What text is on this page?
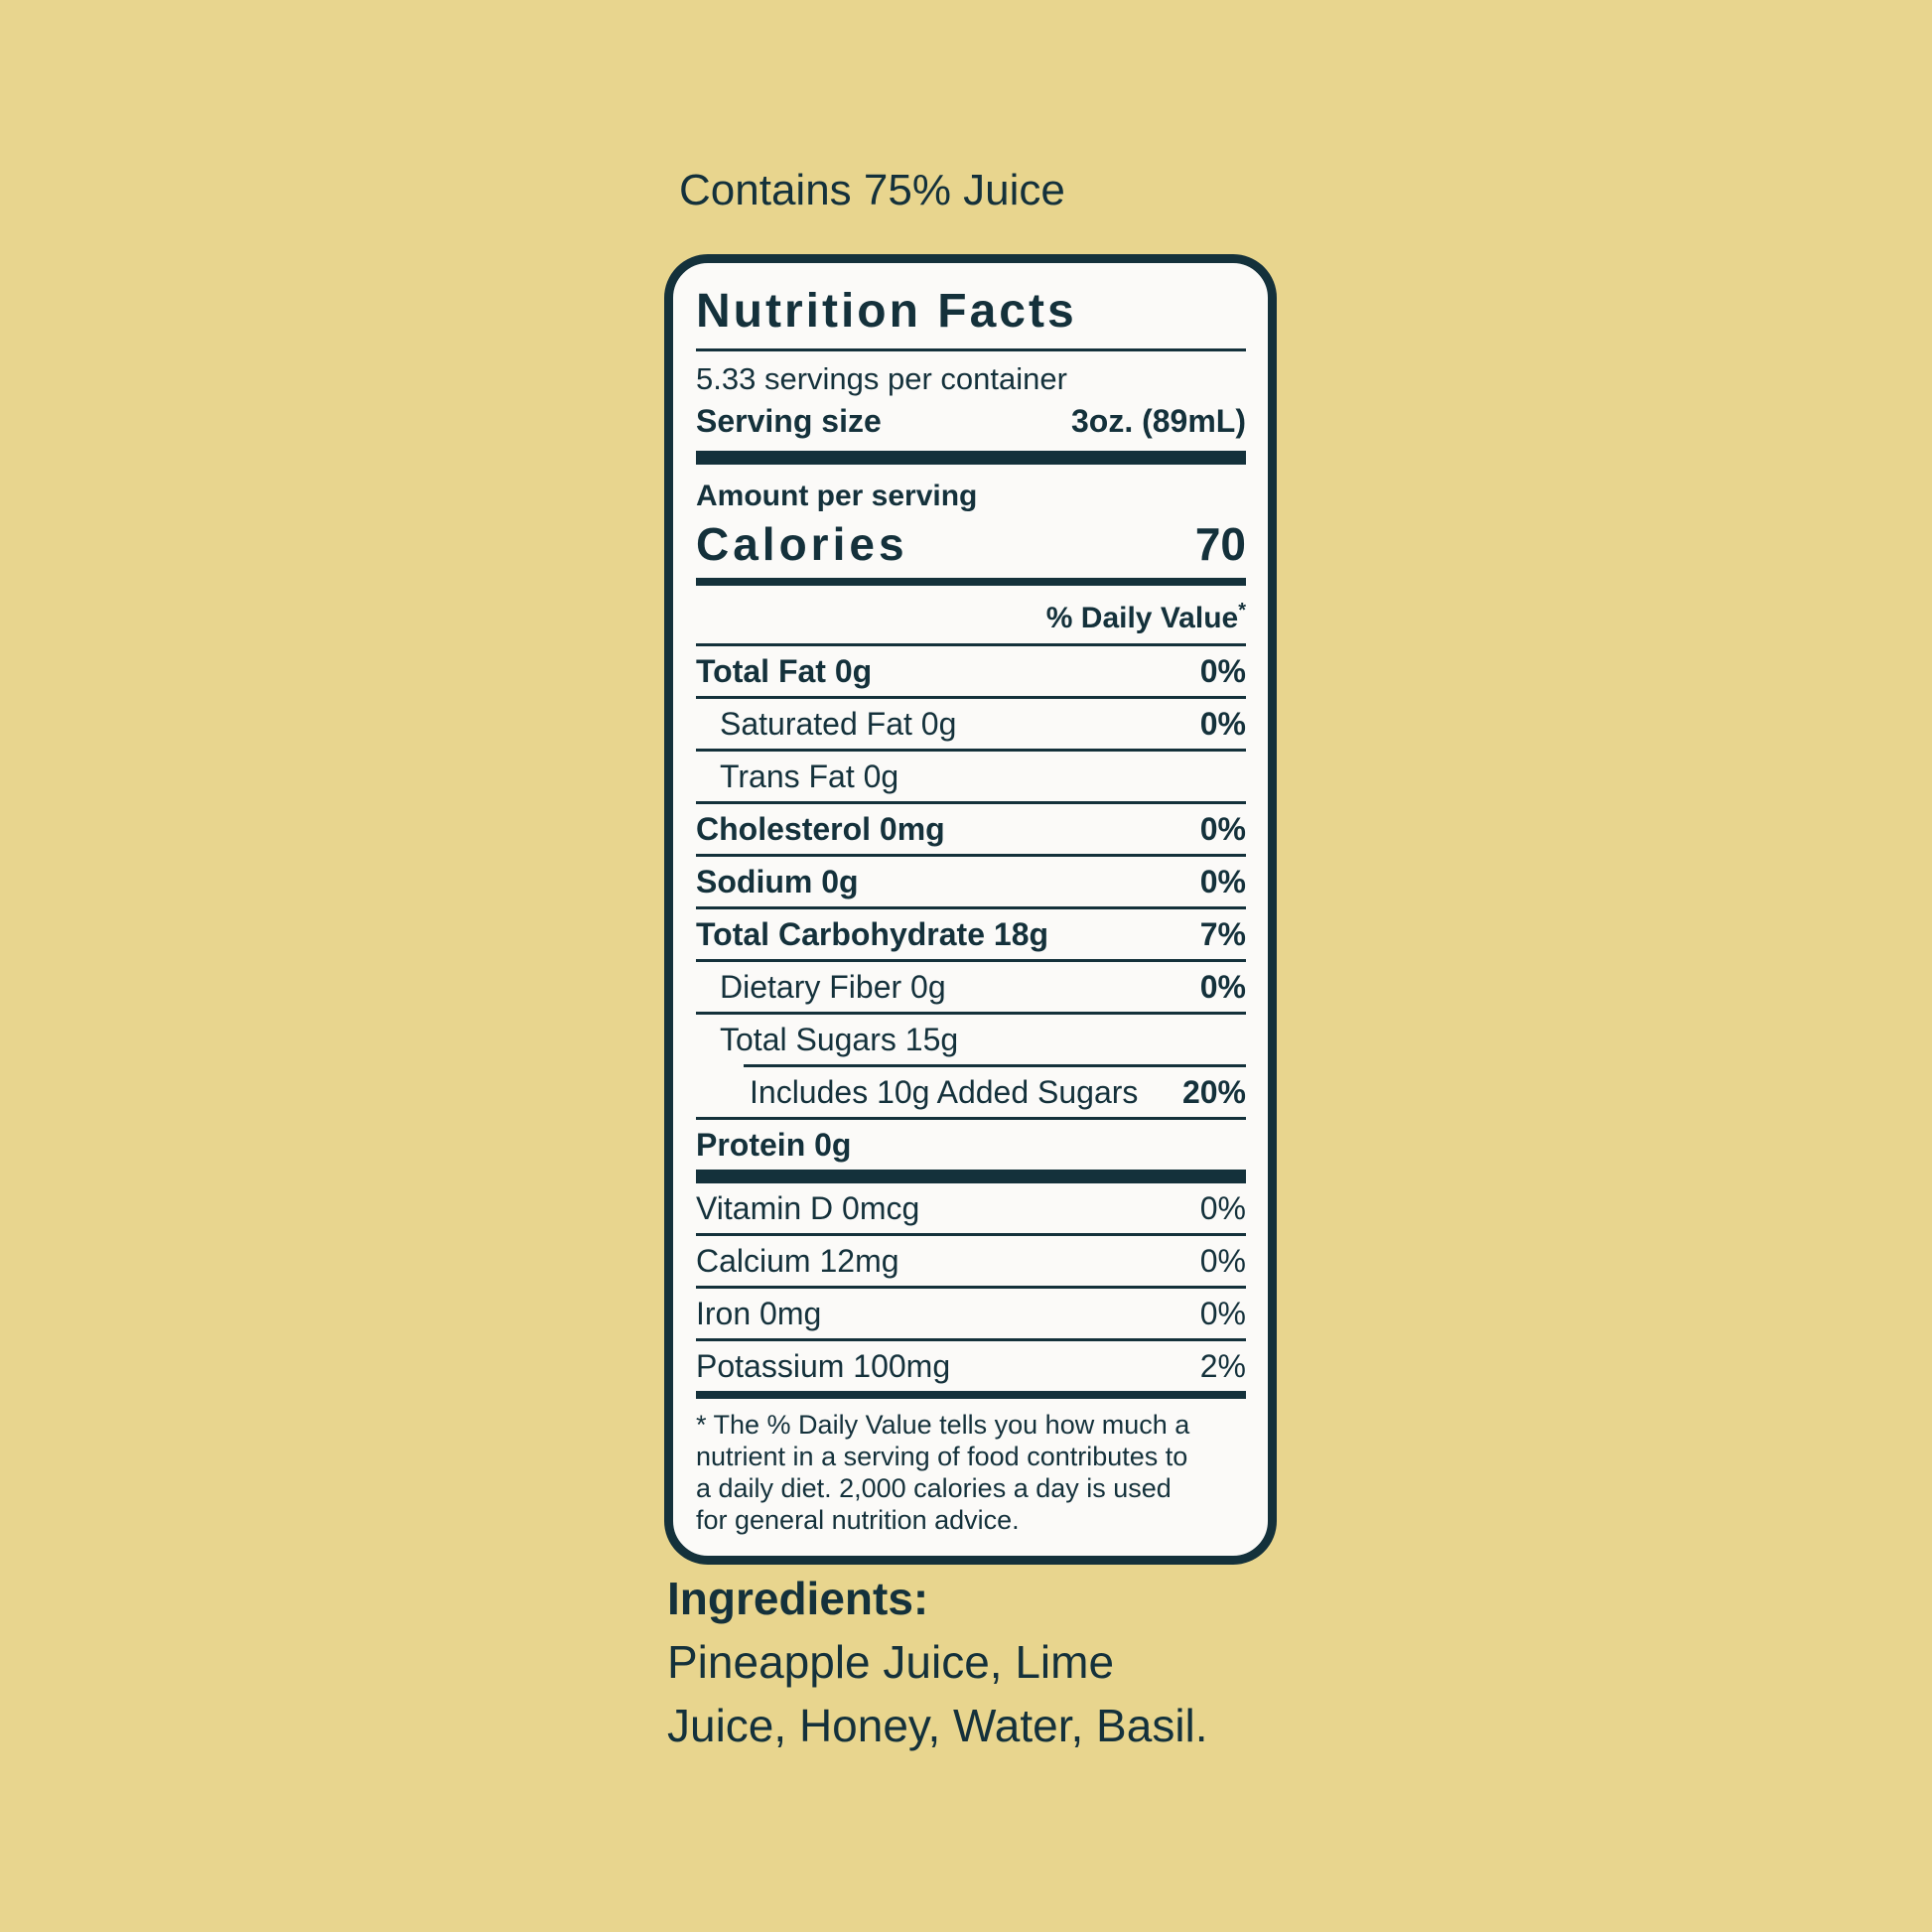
Contains 75% Juice
Nutrition Facts
5.33 servings per container
Serving size	3oz. (89mL)
Amount per serving
Calories	70
% Daily Value*
Total Fat 0g	0%
Saturated Fat 0g	0%
Trans Fat 0g
Cholesterol 0mg	0%
Sodium 0g	0%
Total Carbohydrate 18g	7%
Dietary Fiber 0g	0%
Total Sugars 15g
Includes 10g Added Sugars 20%
Protein 0g
Vitamin D 0mcg	0%
Calcium 12mg	0%
Iron 0mg	0%
Potassium 100mg	2%
* The % Daily Value tells you how much a nutrient in a serving of food contributes to a daily diet. 2,000 calories a day is used for general nutrition advice.
Ingredients:
Pineapple Juice, Lime Juice, Honey, Water, Basil.
